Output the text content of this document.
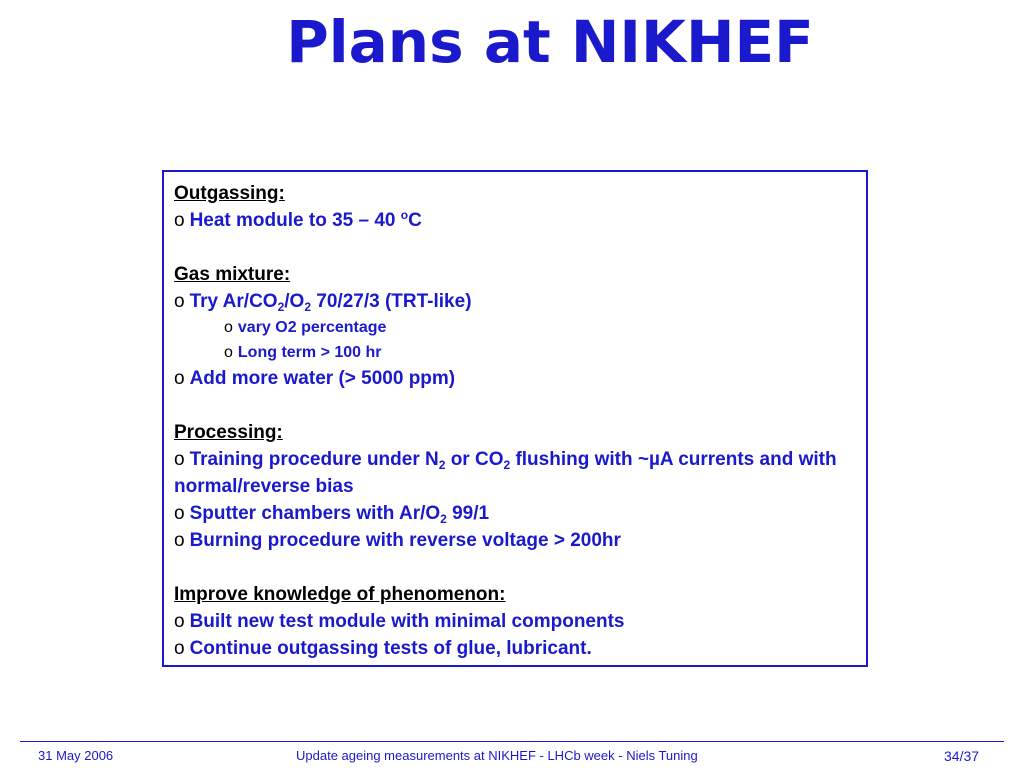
Plans at NIKHEF
Outgassing:
o Heat module to 35 – 40 $^o$C
Gas mixture:
o Try $Ar/CO_2/O_2$ 70/27/3 (TRT-like)
o vary O2 percentage
o Long term > 100 hr
o Add more water (> 5000 ppm)
Processing:
o Training procedure under $N_2$ or $CO_2$ flushing with ~µA currents and with normal/reverse bias
o Sputter chambers with $Ar/O_2$ 99/1
o Burning procedure with reverse voltage > 200hr
Improve knowledge of phenomenon:
o Built new test module with minimal components
o Continue outgassing tests of glue, lubricant.
31 May 2006	Update ageing measurements at NIKHEF - LHCb week - Niels Tuning	34/37
